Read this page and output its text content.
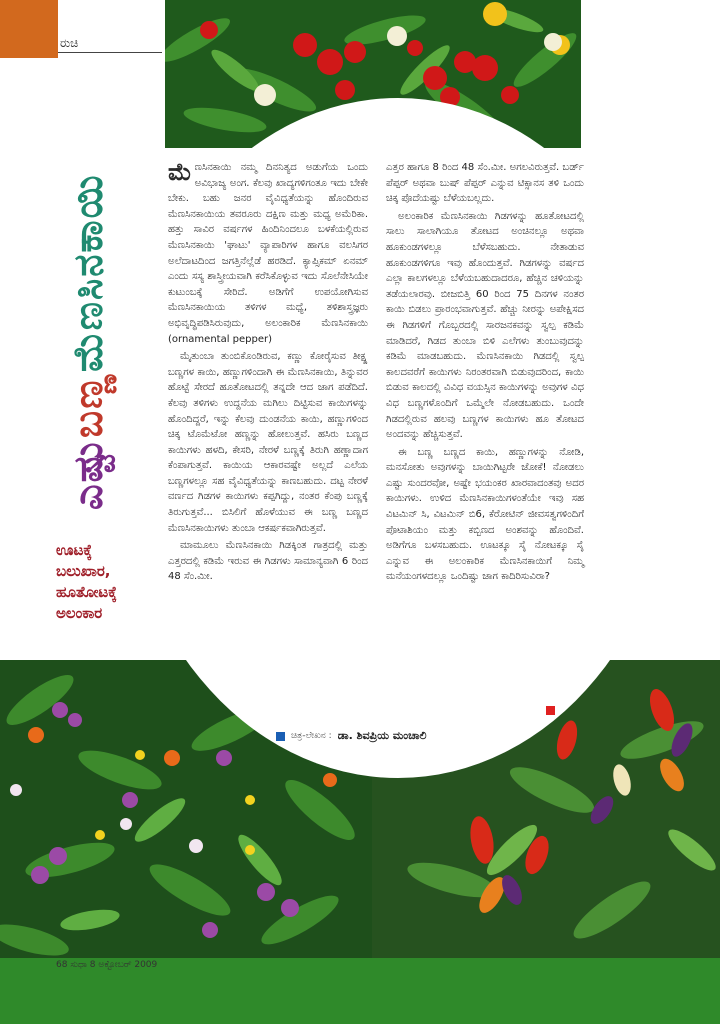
ರುಚಿ
ಎಷ್ಟು
ಬಣ್ಣ
ಮೆಣಸಿನಕಾಯಿ
ಊಟಕ್ಕೆ
ಬಲುಖಾರ,
ಹೂತೋಟಕ್ಕೆ
ಅಲಂಕಾರ

ಮೆಣಸಿನಕಾಯಿ ನಮ್ಮ ದಿನನಿತ್ಯದ ಅಡುಗೆಯ ಒಂದು ಅವಿಭಾಜ್ಯ ಅಂಗ. ಕೆಲವು ಖಾದ್ಯಗಳಿಗಂತೂ ಇದು ಬೇಕೇ ಬೇಕು. ಬಹು ಜನರ ವೈವಿಧ್ಯತೆಯನ್ನು ಹೊಂದಿರುವ ಮೆಣಸಿನಕಾಯಿಯ ತವರೂರು ದಕ್ಷಿಣ ಮತ್ತು ಮಧ್ಯ ಅಮೆರಿಕಾ. ಹತ್ತು ಸಾವಿರ ವರ್ಷಗಳ ಹಿಂದಿನಿಂದಲೂ ಬಳಕೆಯಲ್ಲಿರುವ ಮೆಣಸಿನಕಾಯಿ 'ಘಾಟು' ವ್ಯಾಪಾರಿಗಳ ಹಾಗೂ ವಲಸಿಗರ ಅಲೆದಾಟದಿಂದ ಜಗತ್ತಿನೆಲ್ಲೆಡೆ ಹರಡಿದೆ. ಕ್ಯಾಪ್ಸಿಕಮ್ ಏನಮ್ ಎಂದು ಸಸ್ಯ ಶಾಸ್ತ್ರೀಯವಾಗಿ ಕರೆಸಿಕೊಳ್ಳುವ ಇದು ಸೊಲೆನೇಸಿಯೇ ಕುಟುಂಬಕ್ಕೆ ಸೇರಿದೆ. ಅಡಿಗೆಗೆ ಉಪಯೋಗಿಸುವ ಮೆಣಸಿನಕಾಯಿಯ ತಳಿಗಳ ಮಧ್ಯೆ, ತಳಿಶಾಸ್ತ್ರಜ್ಞರು ಅಭಿವೃದ್ಧಿಪಡಿಸಿರುವುದು, ಅಲಂಕಾರಿಕ ಮೆಣಸಿನಕಾಯಿ (ornamental pepper)

ಮೈತುಂಬಾ ತುಂಬಿಕೊಂಡಿರುವ, ಕಣ್ಣು ಕೋರೈಸುವ ತೀಕ್ಷ್ಣ ಬಣ್ಣಗಳ ಕಾಯಿ, ಹಣ್ಣುಗಳಿಂದಾಗಿ ಈ ಮೆಣಸಿನಕಾಯಿ, ತಿನ್ನುವರ ಹೊಟ್ಟೆ ಸೇರದೆ ಹೂತೋಟದಲ್ಲಿ ತನ್ನದೇ ಆದ ಜಾಗ ಪಡೆದಿದೆ. ಕೆಲವು ತಳಿಗಳು ಉದ್ದನೆಯ ಮಗಿಲು ದಿಟ್ಟಿಸುವ ಕಾಯಿಗಳನ್ನು ಹೊಂದಿದ್ದರೆ, ಇನ್ನು ಕೆಲವು ದುಂಡನೆಯ ಕಾಯಿ, ಹಣ್ಣುಗಳಿಂದ ಚಿಕ್ಕ ಟೊಮೆಟೋ ಹಣ್ಣನ್ನು ಹೋಲುತ್ತವೆ. ಹಸಿರು ಬಣ್ಣದ ಕಾಯಿಗಳು ಹಳದಿ, ಕೇಸರಿ, ನೇರಳೆ ಬಣ್ಣಕ್ಕೆ ತಿರುಗಿ ಹಣ್ಣಾದಾಗ ಕೆಂಪಾಗುತ್ತವೆ. ಕಾಯಿಯ ಆಕಾರವಷ್ಟೇ ಅಲ್ಲದೆ ಎಲೆಯ ಬಣ್ಣಗಳಲ್ಲೂ ಸಹ ವೈವಿಧ್ಯತೆಯನ್ನು ಕಾಣಬಹುದು. ದಟ್ಟ ನೇರಳೆ ವರ್ಣದ ಗಿಡಗಳ ಕಾಯಿಗಳು ಕಪ್ಪಗಿದ್ದು, ನಂತರ ಕೆಂಪು ಬಣ್ಣಕ್ಕೆ ತಿರುಗುತ್ತವೆ... ಬಿಸಿಲಿಗೆ ಹೊಳೆಯುವ ಈ ಬಣ್ಣ ಬಣ್ಣದ ಮೆಣಸಿನಕಾಯಿಗಳು ತುಂಬಾ ಆಕರ್ಷಕವಾಗಿರುತ್ತವೆ.

ಮಾಮೂಲು ಮೆಣಸಿನಕಾಯಿ ಗಿಡಕ್ಕಿಂತ ಗಾತ್ರದಲ್ಲಿ ಮತ್ತು ಎತ್ತರದಲ್ಲಿ ಕಡಿಮೆ ಇರುವ ಈ ಗಿಡಗಳು ಸಾಮಾನ್ಯವಾಗಿ 6 ರಿಂದ 48 ಸೆಂ.ಮೀ.

ಎತ್ತರ ಹಾಗೂ 8 ರಿಂದ 48 ಸೆಂ.ಮೀ. ಅಗಲವಿರುತ್ತವೆ. ಬರ್ಡ್ ಪೆಪ್ಪರ್ ಅಥವಾ ಬುಷ್ ಪೆಪ್ಪರ್ ಎನ್ನುವ ಟಿಕ್ಸಾನಸ ತಳಿ ಒಂದು ಚಿಕ್ಕ ಪೊದೆಯಷ್ಟು ಬೆಳೆಯಬಲ್ಲದು.

ಅಲಂಕಾರಿಕ ಮೆಣಸಿನಕಾಯಿ ಗಿಡಗಳನ್ನು ಹೂತೋಟದಲ್ಲಿ ಸಾಲು ಸಾಲಾಗಿಯೂ ತೋಟದ ಅಂಚಿನಲ್ಲೂ ಅಥವಾ ಹೂಕುಂಡಗಳಲ್ಲೂ ಬೆಳೆಸಬಹುದು. ನೇತಾಡುವ ಹೂಕುಂಡಗಳಿಗೂ ಇವು ಹೊಂದುತ್ತವೆ. ಗಿಡಗಳನ್ನು ವರ್ಷದ ಎಲ್ಲಾ ಕಾಲಗಳಲ್ಲೂ ಬೆಳೆಯಬಹುದಾದರೂ, ಹೆಚ್ಚಿನ ಚಳಿಯನ್ನು ತಡೆಯಲಾರವು. ಬೀಜಬಿತ್ತಿ 60 ರಿಂದ 75 ದಿನಗಳ ನಂತರ ಕಾಯಿ ಬಿಡಲು ಪ್ರಾರಂಭವಾಗುತ್ತವೆ. ಹೆಚ್ಚು ನೀರನ್ನು ಅಪೇಕ್ಷಿಸದ ಈ ಗಿಡಗಳಿಗೆ ಗೊಬ್ಬರದಲ್ಲಿ ಸಾರಜನಕವನ್ನು ಸ್ವಲ್ಪ ಕಡಿಮೆ ಮಾಡಿದರೆ, ಗಿಡದ ತುಂಬಾ ಬಿಳಿ ಎಲೆಗಳು ತುಂಬುವುದನ್ನು ಕಡಿಮೆ ಮಾಡಬಹುದು. ಮೆಣಸಿನಕಾಯಿ ಗಿಡದಲ್ಲಿ ಸ್ವಲ್ಪ ಕಾಲದವರೆಗೆ ಕಾಯಿಗಳು ನಿರಂತರವಾಗಿ ಬಿಡುವುದರಿಂದ, ಕಾಯಿ ಬಿಡುವ ಕಾಲದಲ್ಲಿ ವಿವಿಧ ವಯಸ್ಸಿನ ಕಾಯಿಗಳನ್ನು ಅವುಗಳ ವಿಧ ವಿಧ ಬಣ್ಣಗಳೊಂದಿಗೆ ಒಮ್ಮೆಲೇ ನೋಡಬಹುದು. ಒಂದೇ ಗಿಡದಲ್ಲಿರುವ ಹಲವು ಬಣ್ಣಗಳ ಕಾಯಿಗಳು ಹೂ ತೋಟದ ಅಂದವನ್ನು ಹೆಚ್ಚಿಸುತ್ತವೆ.

ಈ ಬಣ್ಣ ಬಣ್ಣದ ಕಾಯಿ, ಹಣ್ಣುಗಳನ್ನು ನೋಡಿ, ಮನಸೋತು ಅವುಗಳನ್ನು ಬಾಯಿಗಿಟ್ಟರೇ ಜೋಕೆ! ನೋಡಲು ಎಷ್ಟು ಸುಂದರವೋ, ಅಷ್ಟೇ ಭಯಂಕರ ಖಾರವಾದಂತವು ಅದರ ಕಾಯಿಗಳು. ಉಳಿದ ಮೆಣಸಿನಕಾಯಿಗಳಂತೆಯೇ ಇವು ಸಹ ವಿಟಮಿನ್ ಸಿ, ವಿಟಮಿನ್ ಬಿ6, ಕೆರೋಟಿನ್ ಜೀವಸತ್ವಗಳಿಂದಿಗೆ ಪೊಟಾಶಿಯಂ ಮತ್ತು ಕಬ್ಬಿಣದ ಅಂಶವನ್ನು ಹೊಂದಿವೆ. ಅಡಿಗೆಗೂ ಬಳಸಬಹುದು. ಊಟಕ್ಕೂ ಸೈ ನೋಟಕ್ಕೂ ಸೈ ಎನ್ನುವ ಈ ಅಲಂಕಾರಿಕ ಮೆಣಸಿನಕಾಯಿಗೆ ನಿಮ್ಮ ಮನೆಯಂಗಳದಲ್ಲೂ ಒಂದಿಷ್ಟು ಜಾಗ ಕಾದಿರಿಸುವಿರಾ?

ಚಿತ್ರ-ಲೇಖನ : ಡಾ. ಶಿವಪ್ರಿಯ ಮಂಚಾಲಿ
68 ಸುಧಾ 8 ಅಕ್ಟೋಬರ್ 2009
